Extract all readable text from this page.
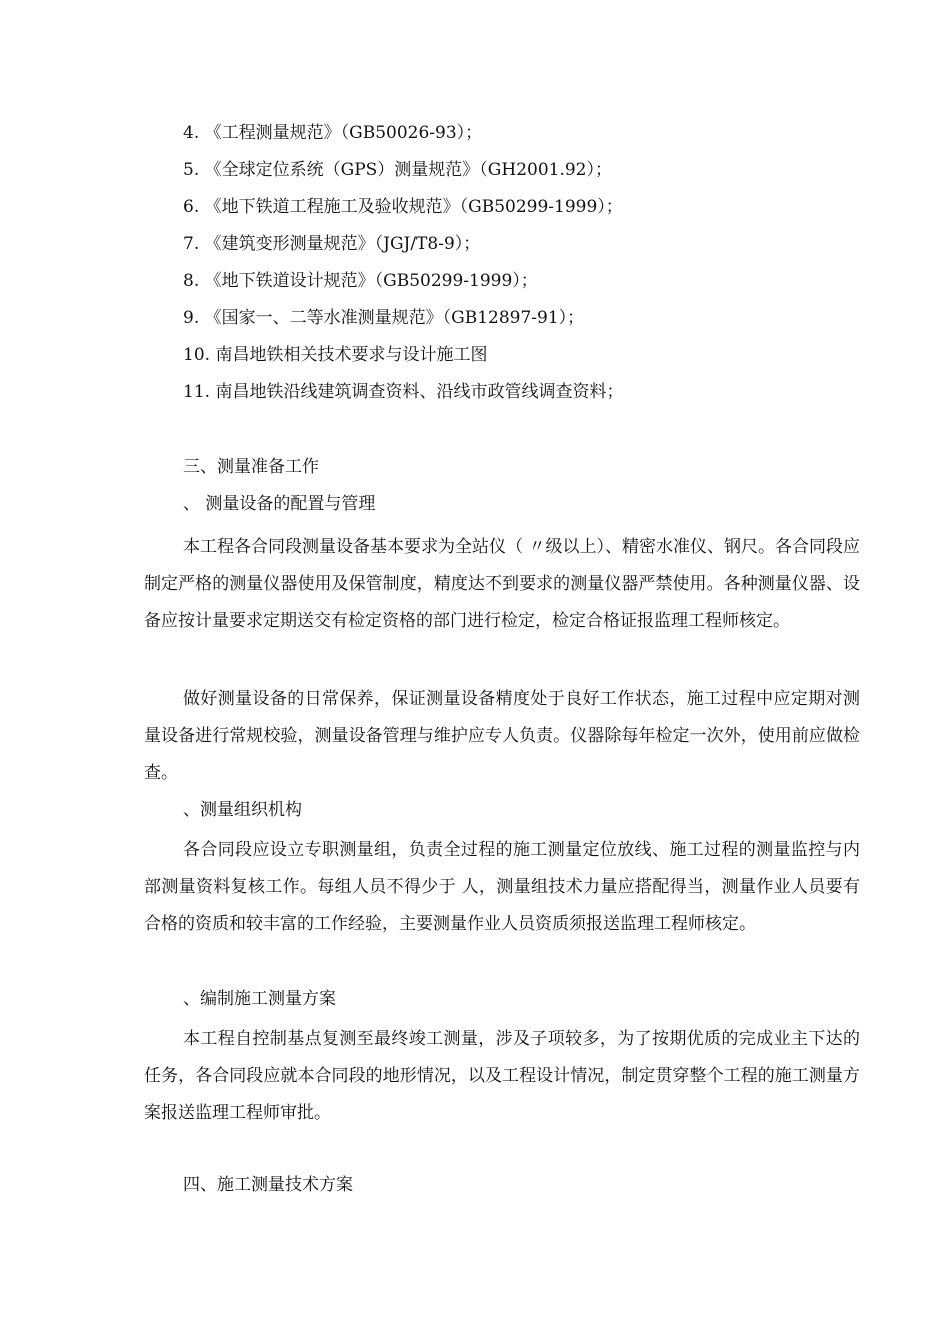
4. 《工程测量规范》（GB50026-93）；
5. 《全球定位系统（GPS）测量规范》（GH2001.92）；
6. 《地下铁道工程施工及验收规范》（GB50299-1999）；
7. 《建筑变形测量规范》（JGJ/T8-9）；
8. 《地下铁道设计规范》（GB50299-1999）；
9. 《国家一、二等水准测量规范》（GB12897-91）；
10. 南昌地铁相关技术要求与设计施工图
11. 南昌地铁沿线建筑调查资料、沿线市政管线调查资料；
三、测量准备工作
、 测量设备的配置与管理
本工程各合同段测量设备基本要求为全站仪（ 〃级以上）、精密水准仪、钢尺。各合同段应制定严格的测量仪器使用及保管制度，精度达不到要求的测量仪器严禁使用。各种测量仪器、设备应按计量要求定期送交有检定资格的部门进行检定，检定合格证报监理工程师核定。
做好测量设备的日常保养，保证测量设备精度处于良好工作状态，施工过程中应定期对测量设备进行常规校验，测量设备管理与维护应专人负责。仪器除每年检定一次外，使用前应做检查。
、测量组织机构
各合同段应设立专职测量组，负责全过程的施工测量定位放线、施工过程的测量监控与内部测量资料复核工作。每组人员不得少于 人，测量组技术力量应搭配得当，测量作业人员要有合格的资质和较丰富的工作经验，主要测量作业人员资质须报送监理工程师核定。
、编制施工测量方案
本工程自控制基点复测至最终竣工测量，涉及子项较多，为了按期优质的完成业主下达的任务，各合同段应就本合同段的地形情况，以及工程设计情况，制定贯穿整个工程的施工测量方案报送监理工程师审批。
四、施工测量技术方案
